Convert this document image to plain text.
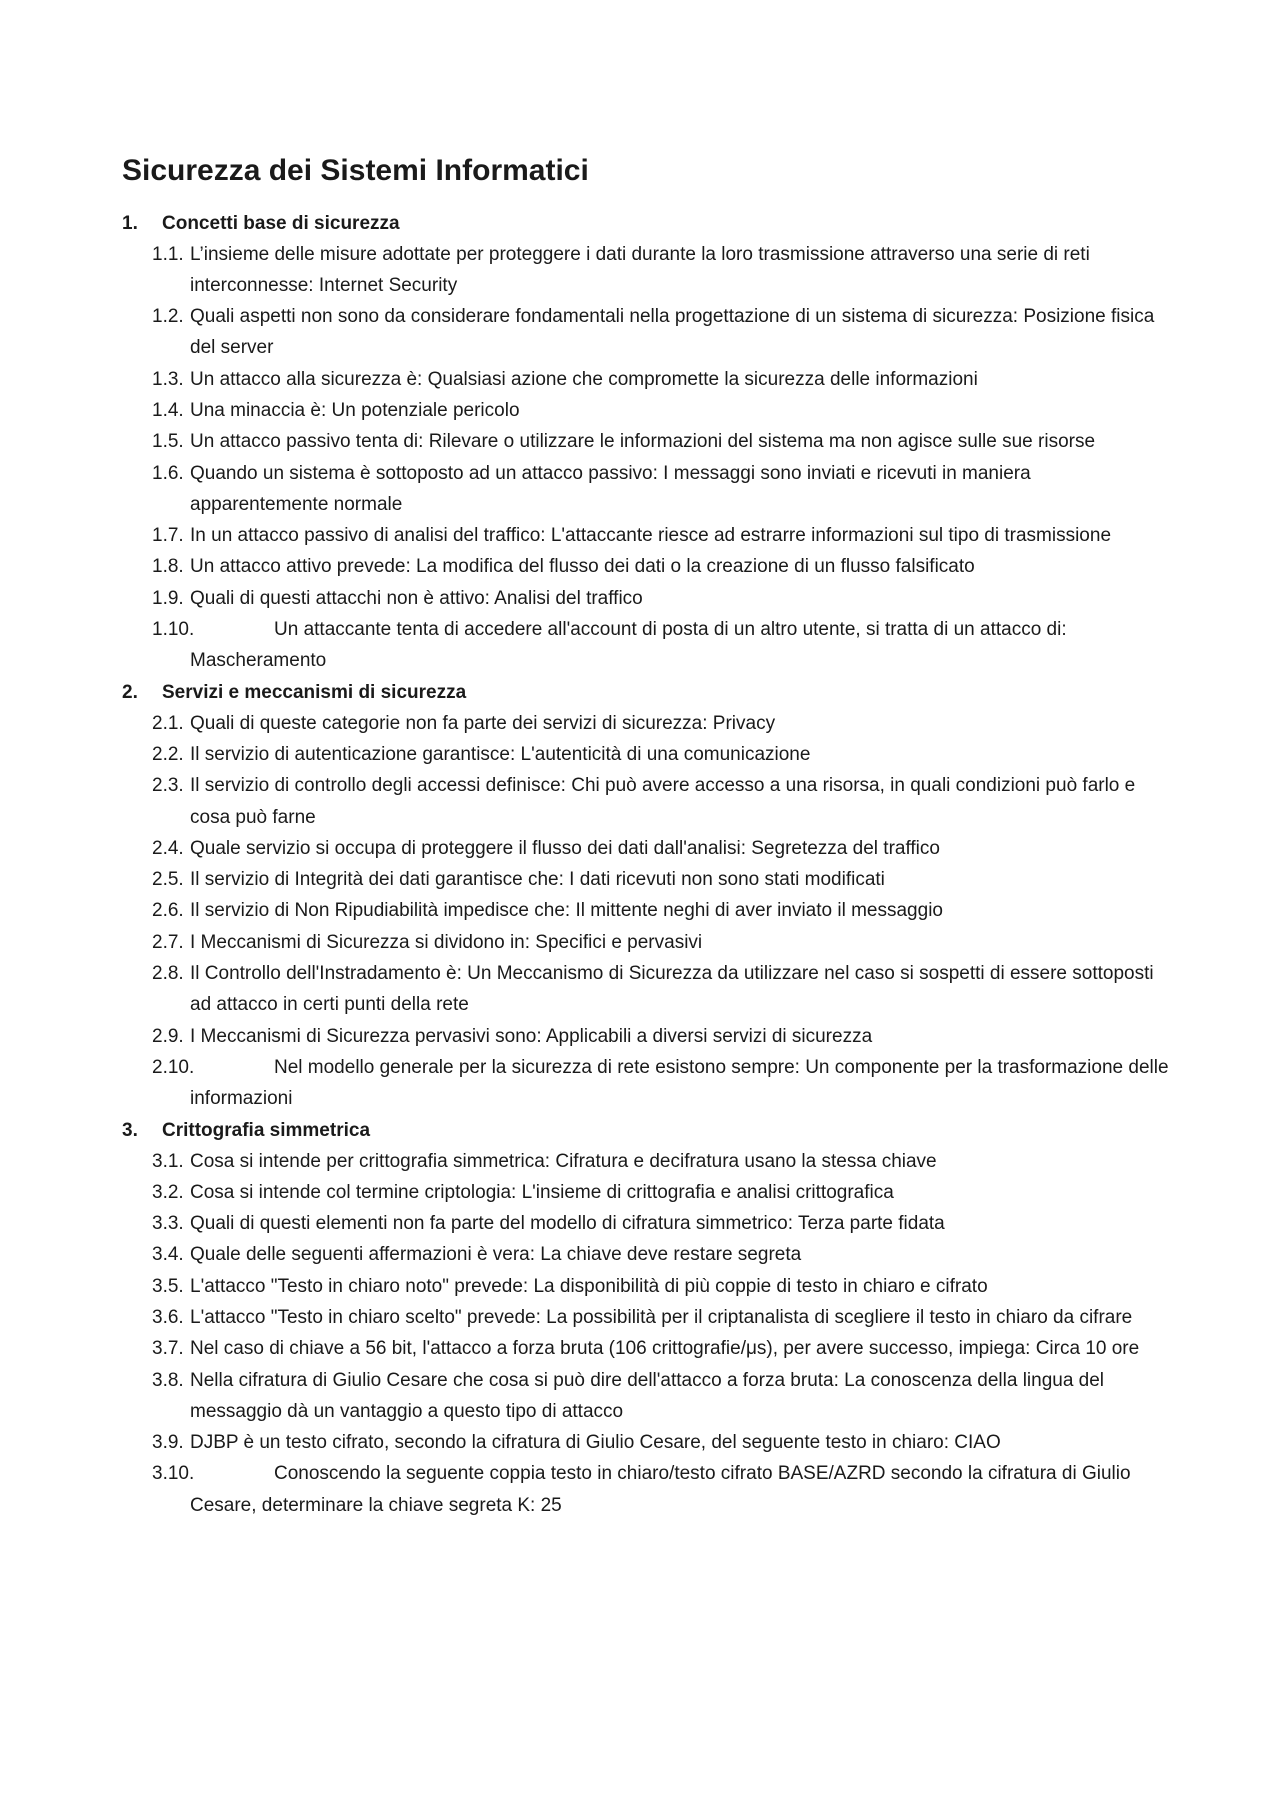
Sicurezza dei Sistemi Informatici
1.	Concetti base di sicurezza
1.1. L’insieme delle misure adottate per proteggere i dati durante la loro trasmissione attraverso una serie di reti interconnesse: Internet Security
1.2. Quali aspetti non sono da considerare fondamentali nella progettazione di un sistema di sicurezza: Posizione fisica del server
1.3. Un attacco alla sicurezza è: Qualsiasi azione che compromette la sicurezza delle informazioni
1.4. Una minaccia è: Un potenziale pericolo
1.5. Un attacco passivo tenta di: Rilevare o utilizzare le informazioni del sistema ma non agisce sulle sue risorse
1.6. Quando un sistema è sottoposto ad un attacco passivo: I messaggi sono inviati e ricevuti in maniera apparentemente normale
1.7. In un attacco passivo di analisi del traffico: L'attaccante riesce ad estrarre informazioni sul tipo di trasmissione
1.8. Un attacco attivo prevede: La modifica del flusso dei dati o la creazione di un flusso falsificato
1.9. Quali di questi attacchi non è attivo: Analisi del traffico
1.10.	Un attaccante tenta di accedere all'account di posta di un altro utente, si tratta di un attacco di: Mascheramento
2.	Servizi e meccanismi di sicurezza
2.1. Quali di queste categorie non fa parte dei servizi di sicurezza: Privacy
2.2. Il servizio di autenticazione garantisce: L'autenticità di una comunicazione
2.3. Il servizio di controllo degli accessi definisce: Chi può avere accesso a una risorsa, in quali condizioni può farlo e cosa può farne
2.4. Quale servizio si occupa di proteggere il flusso dei dati dall'analisi: Segretezza del traffico
2.5. Il servizio di Integrità dei dati garantisce che: I dati ricevuti non sono stati modificati
2.6. Il servizio di Non Ripudiabilità impedisce che: Il mittente neghi di aver inviato il messaggio
2.7. I Meccanismi di Sicurezza si dividono in: Specifici e pervasivi
2.8. Il Controllo dell'Instradamento è: Un Meccanismo di Sicurezza da utilizzare nel caso si sospetti di essere sottoposti ad attacco in certi punti della rete
2.9. I Meccanismi di Sicurezza pervasivi sono: Applicabili a diversi servizi di sicurezza
2.10.	Nel modello generale per la sicurezza di rete esistono sempre: Un componente per la trasformazione delle informazioni
3.	Crittografia simmetrica
3.1. Cosa si intende per crittografia simmetrica: Cifratura e decifratura usano la stessa chiave
3.2. Cosa si intende col termine criptologia: L'insieme di crittografia e analisi crittografica
3.3. Quali di questi elementi non fa parte del modello di cifratura simmetrico: Terza parte fidata
3.4. Quale delle seguenti affermazioni è vera: La chiave deve restare segreta
3.5. L'attacco "Testo in chiaro noto" prevede: La disponibilità di più coppie di testo in chiaro e cifrato
3.6. L'attacco "Testo in chiaro scelto" prevede: La possibilità per il criptanalista di scegliere il testo in chiaro da cifrare
3.7. Nel caso di chiave a 56 bit, l'attacco a forza bruta (106 crittografie/μs), per avere successo, impiega: Circa 10 ore
3.8. Nella cifratura di Giulio Cesare che cosa si può dire dell'attacco a forza bruta: La conoscenza della lingua del messaggio dà un vantaggio a questo tipo di attacco
3.9. DJBP è un testo cifrato, secondo la cifratura di Giulio Cesare, del seguente testo in chiaro: CIAO
3.10.	Conoscendo la seguente coppia testo in chiaro/testo cifrato BASE/AZRD secondo la cifratura di Giulio Cesare, determinare la chiave segreta K: 25
